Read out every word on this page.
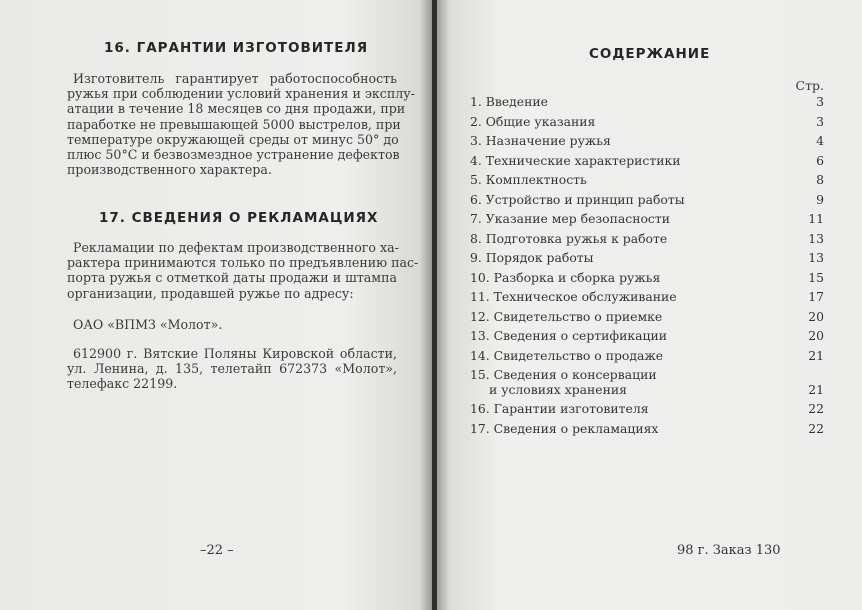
16. ГАРАНТИИ ИЗГОТОВИТЕЛЯ
Изготовитель гарантирует работоспособность
ружья при соблюдении условий хранения и эксплу-
атации в течение 18 месяцев со дня продажи, при
паработке не превышающей 5000 выстрелов, при
температуре окружающей среды от минус 50° до
плюс 50°С и безвозмездное устранение дефектов
производственного характера.
17. СВЕДЕНИЯ О РЕКЛАМАЦИЯХ
Рекламации по дефектам производственного ха-
рактера принимаются только по предъявлению пас-
порта ружья с отметкой даты продажи и штампа
организации, продавшей ружье по адресу:
ОАО «ВПМЗ «Молот».
612900 г. Вятские Поляны Кировской области,
ул. Ленина, д. 135, телетайп 672373 «Молот»,
телефакс 22199.
–22 –
СОДЕРЖАНИЕ
Стр.
1. Введение	3
2. Общие указания	3
3. Назначение ружья	4
4. Технические характеристики	6
5. Комплектность	8
6. Устройство и принцип работы	9
7. Указание мер безопасности	11
8. Подготовка ружья к работе	13
9. Порядок работы	13
10. Разборка и сборка ружья	15
11. Техническое обслуживание	17
12. Свидетельство о приемке	20
13. Сведения о сертификации	20
14. Свидетельство о продаже	21
15. Сведения о консервации
и условиях хранения	21
16. Гарантии изготовителя	22
17. Сведения о рекламациях	22
98 г. Заказ 130
